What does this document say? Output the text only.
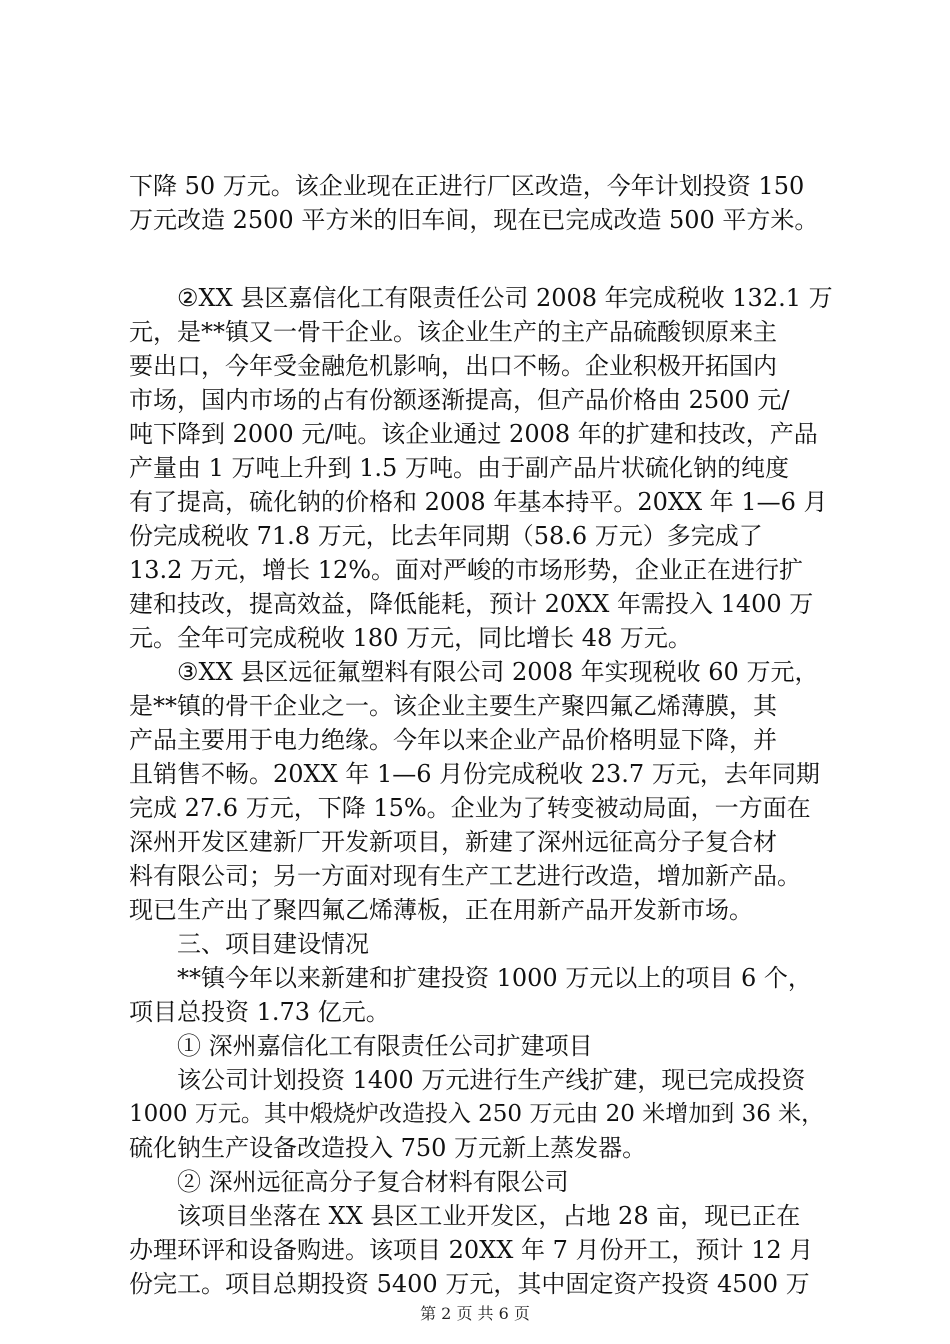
下降 50 万元。该企业现在正进行厂区改造，今年计划投资 150
万元改造 2500 平方米的旧车间，现在已完成改造 500 平方米。
②XX 县区嘉信化工有限责任公司 2008 年完成税收 132.1 万
元，是**镇又一骨干企业。该企业生产的主产品硫酸钡原来主
要出口，今年受金融危机影响，出口不畅。企业积极开拓国内
市场，国内市场的占有份额逐渐提高，但产品价格由 2500 元/
吨下降到 2000 元/吨。该企业通过 2008 年的扩建和技改，产品
产量由 1 万吨上升到 1.5 万吨。由于副产品片状硫化钠的纯度
有了提高，硫化钠的价格和 2008 年基本持平。20XX 年 1—6 月
份完成税收 71.8 万元，比去年同期（58.6 万元）多完成了
13.2 万元，增长 12%。面对严峻的市场形势，企业正在进行扩
建和技改，提高效益，降低能耗，预计 20XX 年需投入 1400 万
元。全年可完成税收 180 万元，同比增长 48 万元。
③XX 县区远征氟塑料有限公司 2008 年实现税收 60 万元，
是**镇的骨干企业之一。该企业主要生产聚四氟乙烯薄膜，其
产品主要用于电力绝缘。今年以来企业产品价格明显下降，并
且销售不畅。20XX 年 1—6 月份完成税收 23.7 万元，去年同期
完成 27.6 万元，下降 15%。企业为了转变被动局面，一方面在
深州开发区建新厂开发新项目，新建了深州远征高分子复合材
料有限公司；另一方面对现有生产工艺进行改造，增加新产品。
现已生产出了聚四氟乙烯薄板，正在用新产品开发新市场。
三、项目建设情况
**镇今年以来新建和扩建投资 1000 万元以上的项目 6 个，
项目总投资 1.73 亿元。
① 深州嘉信化工有限责任公司扩建项目
该公司计划投资 1400 万元进行生产线扩建，现已完成投资
1000 万元。其中煅烧炉改造投入 250 万元由 20 米增加到 36 米，
硫化钠生产设备改造投入 750 万元新上蒸发器。
② 深州远征高分子复合材料有限公司
该项目坐落在 XX 县区工业开发区，占地 28 亩，现已正在
办理环评和设备购进。该项目 20XX 年 7 月份开工，预计 12 月
份完工。项目总期投资 5400 万元，其中固定资产投资 4500 万
第 2 页 共 6 页
